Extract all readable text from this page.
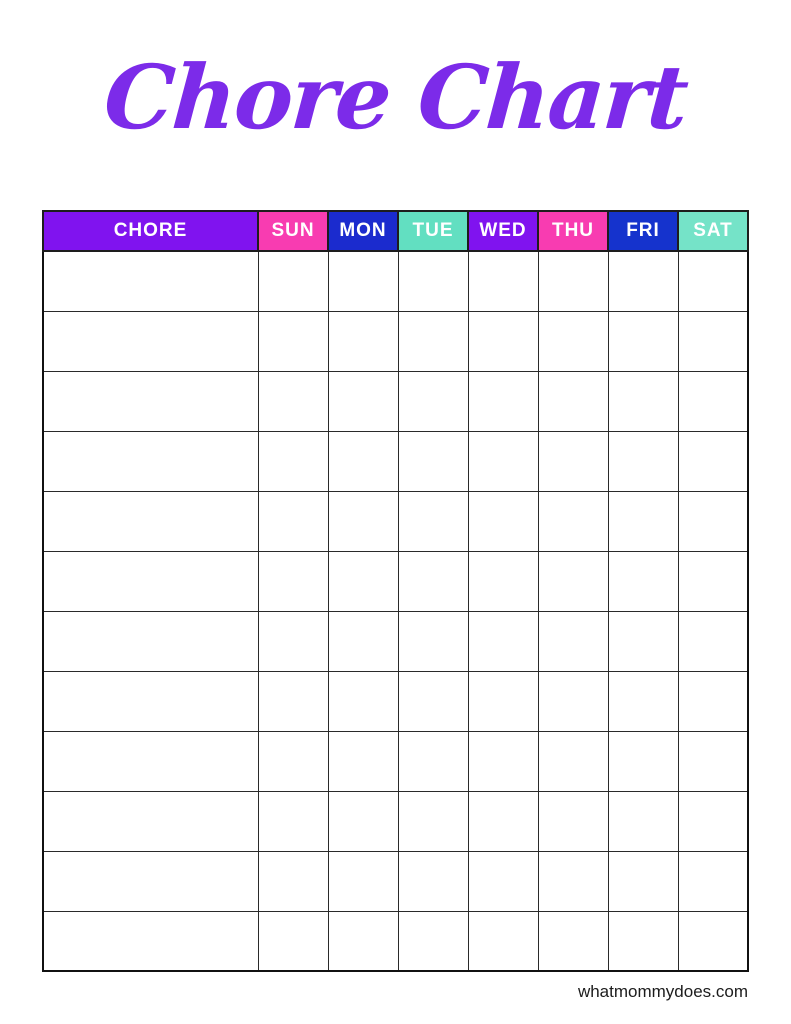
Chore Chart
CHORE	SUN	MON	TUE	WED	THU	FRI	SAT

whatmommydoes.com
